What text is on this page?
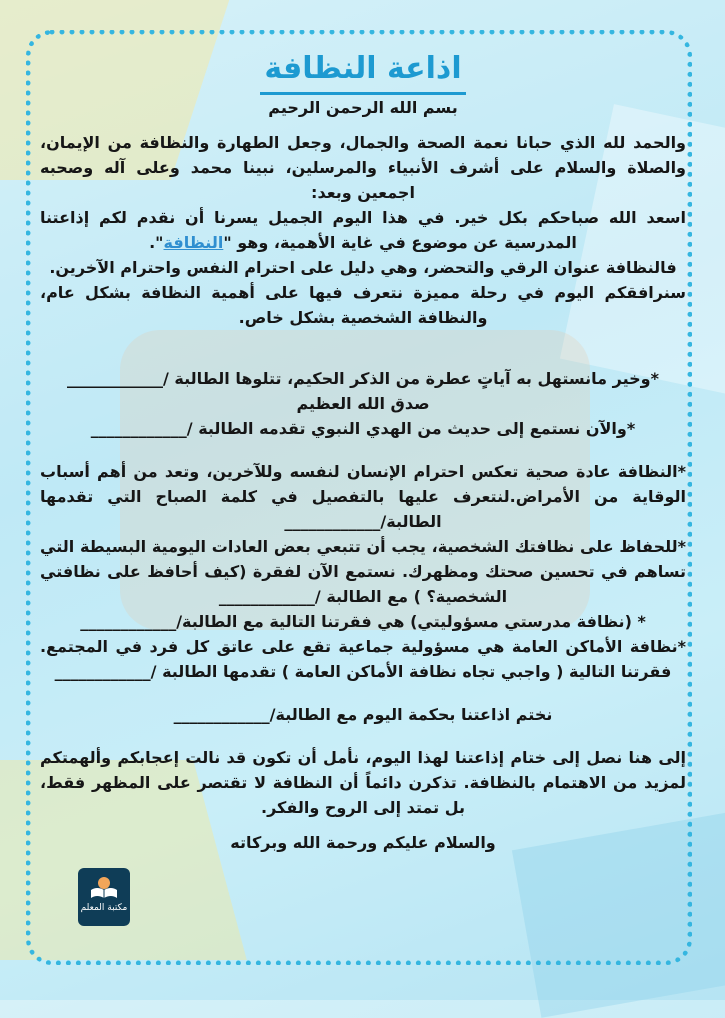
اذاعة النظافة

بسم الله الرحمن الرحيم

والحمد لله الذي حبانا نعمة الصحة والجمال، وجعل الطهارة والنظافة من الإيمان، والصلاة والسلام على أشرف الأنبياء والمرسلين، نبينا محمد وعلى آله وصحبه اجمعين وبعد:

اسعد الله صباحكم بكل خير. في هذا اليوم الجميل يسرنا أن نقدم لكم إذاعتنا المدرسية عن موضوع في غاية الأهمية، وهو "النظافة".

فالنظافة عنوان الرقي والتحضر، وهي دليل على احترام النفس واحترام الآخرين.

سنرافقكم اليوم في رحلة مميزة نتعرف فيها على أهمية النظافة بشكل عام، والنظافة الشخصية بشكل خاص.

*وخير مانستهل به آياتٍ عطرة من الذكر الحكيم، تتلوها الطالبة /____________

صدق الله العظيم

*والآن نستمع إلى حديث من الهدي النبوي تقدمه الطالبة /____________

*النظافة عادة صحية تعكس احترام الإنسان لنفسه وللآخرين، وتعد من أهم أسباب الوقاية من الأمراض.لنتعرف عليها بالتفصيل في كلمة الصباح التي تقدمها الطالبة/____________

*للحفاظ على نظافتك الشخصية، يجب أن تتبعي بعض العادات اليومية البسيطة التي تساهم في تحسين صحتك ومظهرك. نستمع الآن لفقرة (كيف أحافظ على نظافتي الشخصية؟ ) مع الطالبة /____________

* (نظافة مدرستي مسؤوليتي) هي فقرتنا التالية مع الطالبة/____________

*نظافة الأماكن العامة هي مسؤولية جماعية تقع على عاتق كل فرد في المجتمع. فقرتنا التالية ( واجبي تجاه نظافة الأماكن العامة ) تقدمها الطالبة /____________

نختم اذاعتنا بحكمة اليوم مع الطالبة/____________

إلى هنا نصل إلى ختام إذاعتنا لهذا اليوم، نأمل أن تكون قد نالت إعجابكم وألهمتكم لمزيد من الاهتمام بالنظافة. تذكرن دائماً أن النظافة لا تقتصر على المظهر فقط، بل تمتد إلى الروح والفكر.

والسلام عليكم ورحمة الله وبركاته

مكتبة المعلم
